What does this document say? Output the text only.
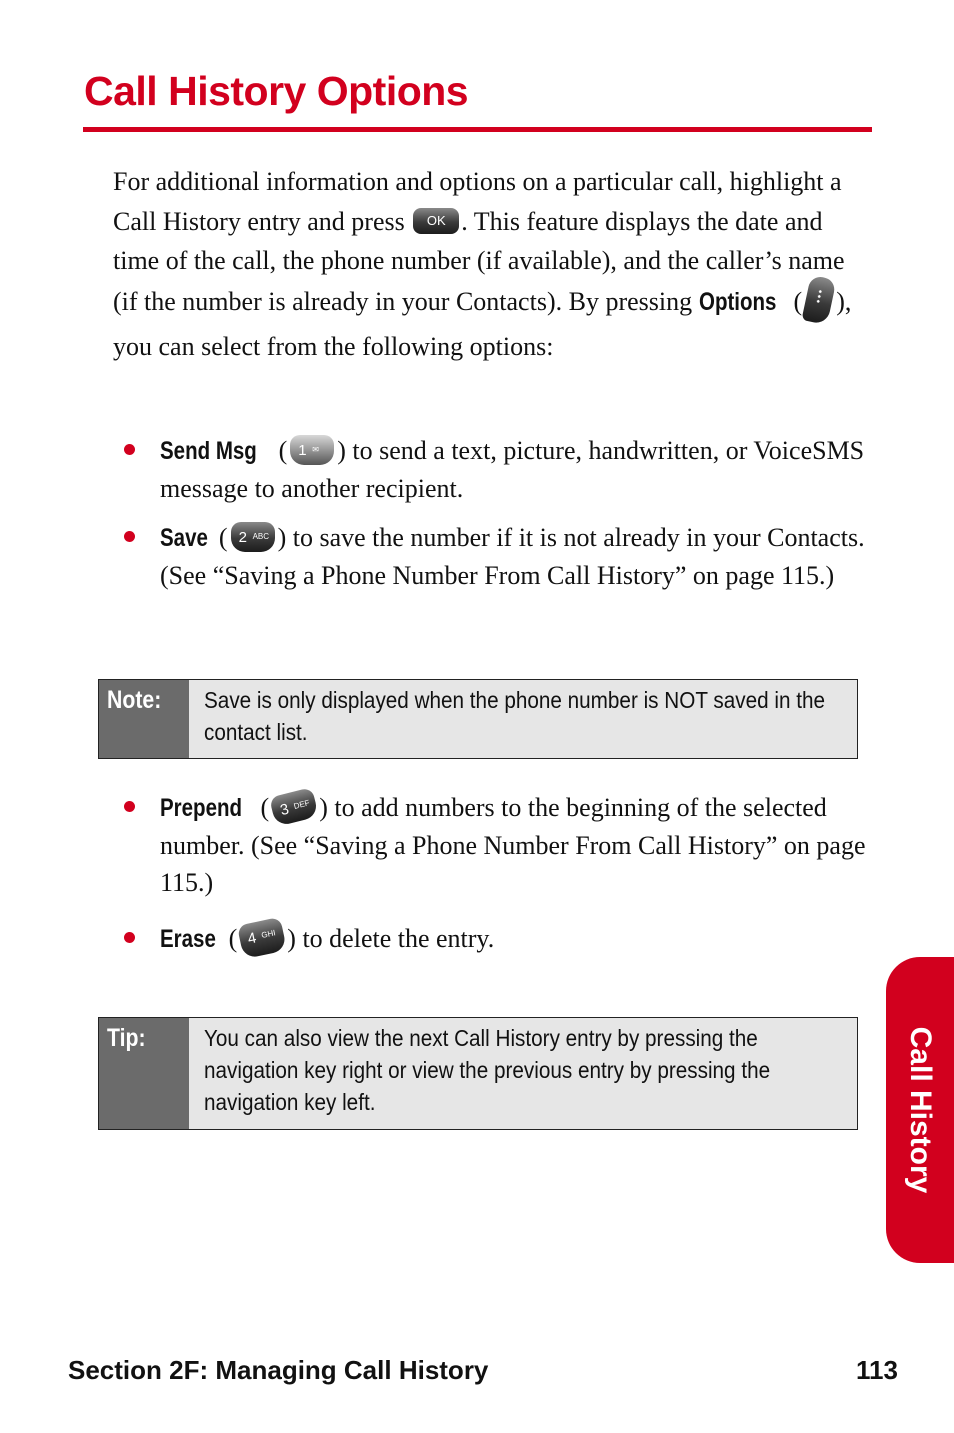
Call History Options

For additional information and options on a particular call, highlight a Call History entry and press OK . This feature displays the date and time of the call, the phone number (if available), and the caller’s name (if the number is already in your Contacts). By pressing Options ( ), you can select from the following options:

Send Msg ( 1 ✉ ) to send a text, picture, handwritten, or VoiceSMS message to another recipient.
Save ( 2 ABC ) to save the number if it is not already in your Contacts. (See “Saving a Phone Number From Call History” on page 115.)
Note:	Save is only displayed when the phone number is NOT saved in the contact list.
Prepend ( 3 DEF ) to add numbers to the beginning of the selected number. (See “Saving a Phone Number From Call History” on page 115.)
Erase ( 4 GHI ) to delete the entry.
Tip:	You can also view the next Call History entry by pressing the navigation key right or view the previous entry by pressing the navigation key left.	Call History
Section 2F: Managing Call History	113
